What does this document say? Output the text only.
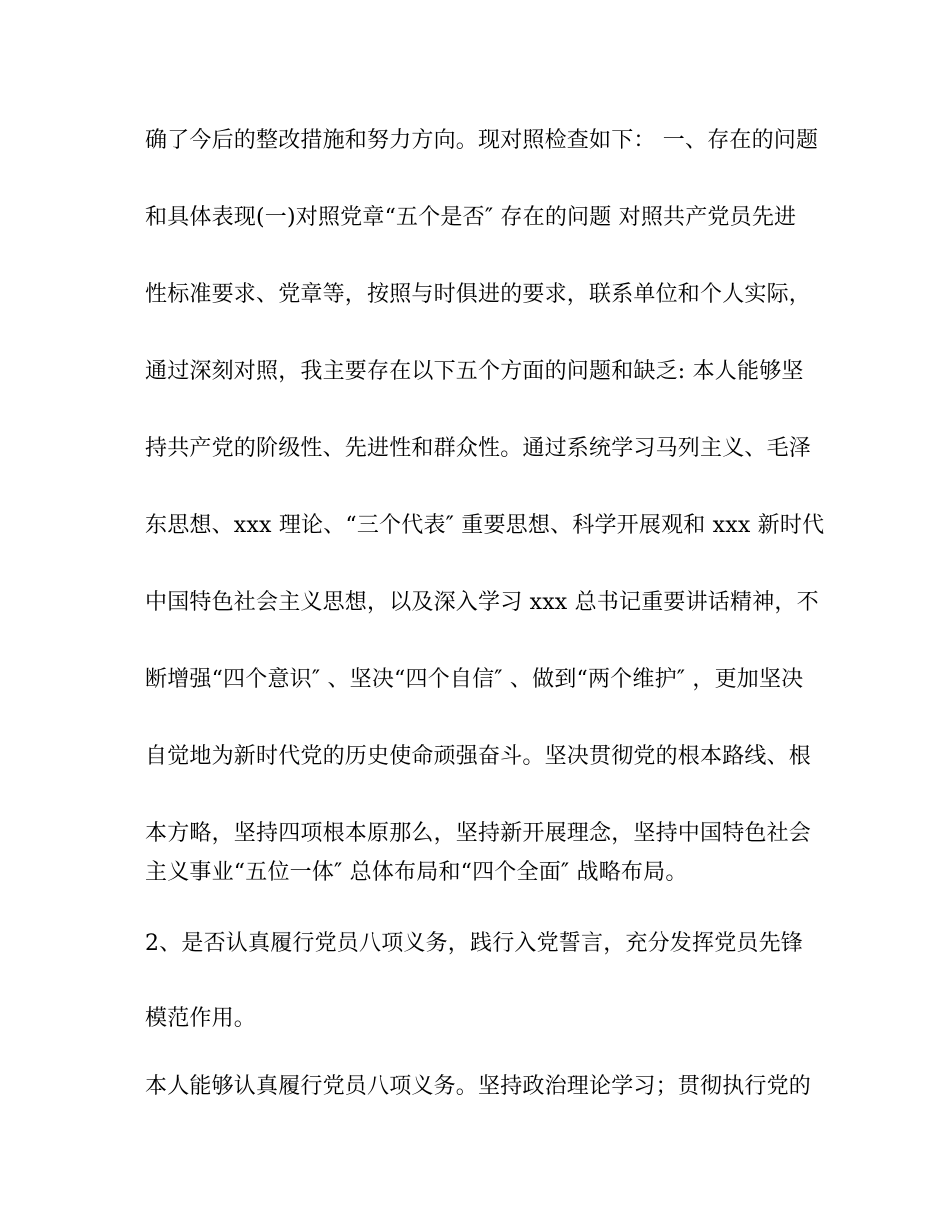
确了今后的整改措施和努力方向。现对照检查如下： 一、存在的问题
和具体表现(一)对照党章“五个是否″ 存在的问题 对照共产党员先进
性标准要求、党章等，按照与时俱进的要求，联系单位和个人实际，
通过深刻对照，我主要存在以下五个方面的问题和缺乏: 本人能够坚
持共产党的阶级性、先进性和群众性。通过系统学习马列主义、毛泽
东思想、xxx 理论、“三个代表″ 重要思想、科学开展观和 xxx 新时代
中国特色社会主义思想，以及深入学习 xxx 总书记重要讲话精神，不
断增强“四个意识″ 、坚决“四个自信″ 、做到“两个维护″ ，更加坚决
自觉地为新时代党的历史使命顽强奋斗。坚决贯彻党的根本路线、根
本方略，坚持四项根本原那么，坚持新开展理念，坚持中国特色社会
主义事业“五位一体″ 总体布局和“四个全面″ 战略布局。
2、是否认真履行党员八项义务，践行入党誓言，充分发挥党员先锋
模范作用。
本人能够认真履行党员八项义务。坚持政治理论学习；贯彻执行党的
